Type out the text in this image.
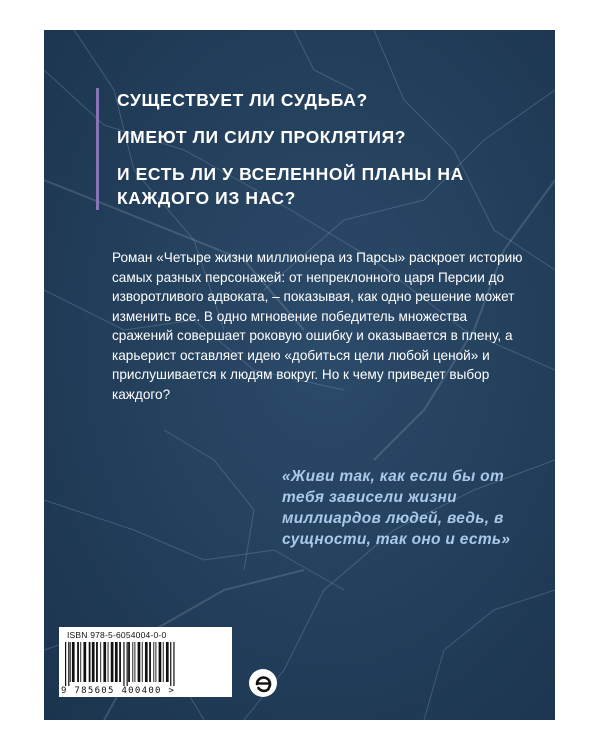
СУЩЕСТВУЕТ ЛИ СУДЬБА?

ИМЕЮТ ЛИ СИЛУ ПРОКЛЯТИЯ?

И ЕСТЬ ЛИ У ВСЕЛЕННОЙ ПЛАНЫ НА КАЖДОГО ИЗ НАС?

Роман «Четыре жизни миллионера из Парсы» раскроет историю самых разных персонажей: от непреклонного царя Персии до изворотливого адвоката, – показывая, как одно решение может изменить все. В одно мгновение победитель множества сражений совершает роковую ошибку и оказывается в плену, а карьерист оставляет идею «добиться цели любой ценой» и прислушивается к людям вокруг. Но к чему приведет выбор каждого?

«Живи так, как если бы от тебя зависели жизни миллиардов людей, ведь, в сущности, так оно и есть»

ISBN 978-5-6054004-0-0
9 785605 400400 >
